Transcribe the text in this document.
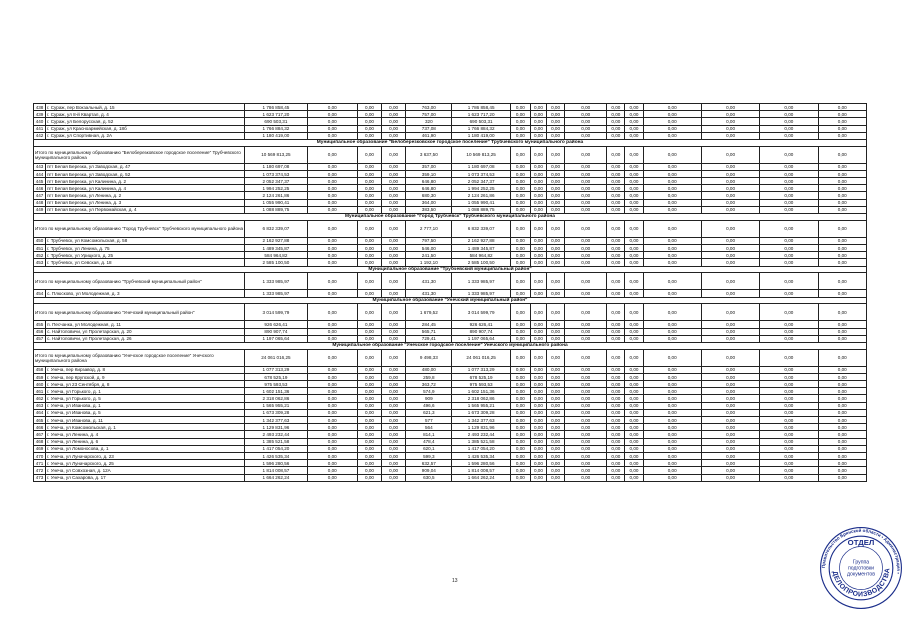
438	г. Сураж, пер Вокзальный, д. 15	1 786 858,45	0,00	0,00	0,00	763,00	1 786 858,45	0,00	0,00	0,00	0,00	0,00	0,00	0,00	0,00	0,00	0,00
439	г. Сураж, ул 8-й Квартал, д. 4	1 623 717,20	0,00	0,00	0,00	757,00	1 623 717,20	0,00	0,00	0,00	0,00	0,00	0,00	0,00	0,00	0,00	0,00
440	г. Сураж, ул Белорусская, д. 52	690 503,31	0,00	0,00	0,00	320	690 503,31	0,00	0,00	0,00	0,00	0,00	0,00	0,00	0,00	0,00	0,00
441	г. Сураж, ул Красноармейская, д. 18б	1 766 884,32	0,00	0,00	0,00	737,08	1 766 884,32	0,00	0,00	0,00	0,00	0,00	0,00	0,00	0,00	0,00	0,00
442	г. Сураж, ул Спортивная, д. 2А	1 180 419,00	0,00	0,00	0,00	461,90	1 180 419,00	0,00	0,00	0,00	0,00	0,00	0,00	0,00	0,00	0,00	0,00
Муниципальное образование "Белоберезковское городское поселение" Трубчевского муниципального района																	
Итого по муниципальному образованию "Белоберезковское городское поселение" Трубчевского муниципального района		10 569 813,25	0,00	0,00	0,00	3 637,50	10 569 813,25	0,00	0,00	0,00	0,00	0,00	0,00	0,00	0,00	0,00	0,00
443	пгт Белая Березка, ул Заводская, д. 47	1 180 697,08	0,00	0,00	0,00	357,00	1 180 697,08	0,00	0,00	0,00	0,00	0,00	0,00	0,00	0,00	0,00	0,00
444	пгт Белая Березка, ул Заводская, д. 52	1 073 374,53	0,00	0,00	0,00	359,10	1 073 374,53	0,00	0,00	0,00	0,00	0,00	0,00	0,00	0,00	0,00	0,00
445	пгт Белая Березка, ул Калинина, д. 2	2 052 347,37	0,00	0,00	0,00	646,80	2 052 347,37	0,00	0,00	0,00	0,00	0,00	0,00	0,00	0,00	0,00	0,00
446	пгт Белая Березка, ул Калинина, д. 4	1 994 252,25	0,00	0,00	0,00	646,80	1 994 252,25	0,00	0,00	0,00	0,00	0,00	0,00	0,00	0,00	0,00	0,00
447	пгт Белая Березка, ул Ленина, д. 2	2 124 261,86	0,00	0,00	0,00	680,30	2 124 261,86	0,00	0,00	0,00	0,00	0,00	0,00	0,00	0,00	0,00	0,00
448	пгт Белая Березка, ул Ленина, д. 3	1 055 990,41	0,00	0,00	0,00	364,00	1 055 990,41	0,00	0,00	0,00	0,00	0,00	0,00	0,00	0,00	0,00	0,00
449	пгт Белая Березка, ул Первомайская, д. 4	1 088 889,75	0,00	0,00	0,00	383,50	1 088 889,75	0,00	0,00	0,00	0,00	0,00	0,00	0,00	0,00	0,00	0,00
Муниципальное образование "Город Трубчевск" Трубчевского муниципального района																	
Итого по муниципальному образованию "Город Трубчевск" Трубчевского муниципального района		6 832 339,07	0,00	0,00	0,00	2 777,10	6 832 339,07	0,00	0,00	0,00	0,00	0,00	0,00	0,00	0,00	0,00	0,00
450	г. Трубчевск, ул Комсомольская, д. 58	2 162 927,88	0,00	0,00	0,00	797,50	2 162 927,88	0,00	0,00	0,00	0,00	0,00	0,00	0,00	0,00	0,00	0,00
451	г. Трубчевск, ул Ленина, д. 75	1 489 345,87	0,00	0,00	0,00	546,00	1 489 345,87	0,00	0,00	0,00	0,00	0,00	0,00	0,00	0,00	0,00	0,00
452	г. Трубчевск, ул Урицкого, д. 25	584 964,82	0,00	0,00	0,00	241,50	584 964,82	0,00	0,00	0,00	0,00	0,00	0,00	0,00	0,00	0,00	0,00
453	г. Трубчевск, ул Севская, д. 18	2 585 100,50	0,00	0,00	0,00	1 192,10	2 585 100,50	0,00	0,00	0,00	0,00	0,00	0,00	0,00	0,00	0,00	0,00
Муниципальное образование "Трубчевский муниципальный район"																	
Итого по муниципальному образованию "Трубчевский муниципальный район"		1 333 985,97	0,00	0,00	0,00	431,30	1 333 985,97	0,00	0,00	0,00	0,00	0,00	0,00	0,00	0,00	0,00	0,00
454	с. Плюсково, ул Молодежная, д. 3	1 333 985,97	0,00	0,00	0,00	431,30	1 333 985,97	0,00	0,00	0,00	0,00	0,00	0,00	0,00	0,00	0,00	0,00
Муниципальное образование "Унечский муниципальный район"																	
Итого по муниципальному образованию "Унечский муниципальный район"		3 014 599,79	0,00	0,00	0,00	1 679,52	3 014 599,79	0,00	0,00	0,00	0,00	0,00	0,00	0,00	0,00	0,00	0,00
455	п. Песчанка, ул Молодежная, д. 11	926 626,41	0,00	0,00	0,00	284,45	926 626,41	0,00	0,00	0,00	0,00	0,00	0,00	0,00	0,00	0,00	0,00
456	с. Найтоповичи, ул Пролетарская, д. 20	890 907,74	0,00	0,00	0,00	565,71	890 907,74	0,00	0,00	0,00	0,00	0,00	0,00	0,00	0,00	0,00	0,00
457	с. Найтоповичи, ул Пролетарская, д. 26	1 197 065,64	0,00	0,00	0,00	729,41	1 197 065,64	0,00	0,00	0,00	0,00	0,00	0,00	0,00	0,00	0,00	0,00
Муниципальное образование "Унечское городское поселение" Унечского муниципального района																	
Итого по муниципальному образованию "Унечское городское поселение" Унечского муниципального района		24 061 016,25	0,00	0,00	0,00	9 498,33	24 061 016,25	0,00	0,00	0,00	0,00	0,00	0,00	0,00	0,00	0,00	0,00
458	г. Унеча, пер Кирзавод, д. 8	1 077 313,29	0,00	0,00	0,00	480,00	1 077 313,29	0,00	0,00	0,00	0,00	0,00	0,00	0,00	0,00	0,00	0,00
459	г. Унеча, пер Крупской, д. 9	678 525,19	0,00	0,00	0,00	259,8	678 525,19	0,00	0,00	0,00	0,00	0,00	0,00	0,00	0,00	0,00	0,00
460	г. Унеча, ул 23 Сентября, д. 8	975 593,53	0,00	0,00	0,00	363,72	975 593,53	0,00	0,00	0,00	0,00	0,00	0,00	0,00	0,00	0,00	0,00
461	г. Унеча, ул Горького, д. 1	1 602 151,36	0,00	0,00	0,00	574,9	1 602 151,36	0,00	0,00	0,00	0,00	0,00	0,00	0,00	0,00	0,00	0,00
462	г. Унеча, ул Горького, д. 5	2 318 062,86	0,00	0,00	0,00	909	2 318 062,86	0,00	0,00	0,00	0,00	0,00	0,00	0,00	0,00	0,00	0,00
463	г. Унеча, ул Иванова, д. 1	1 565 955,21	0,00	0,00	0,00	496,6	1 565 955,21	0,00	0,00	0,00	0,00	0,00	0,00	0,00	0,00	0,00	0,00
464	г. Унеча, ул Иванова, д. 5	1 673 309,28	0,00	0,00	0,00	621,3	1 673 309,28	0,00	0,00	0,00	0,00	0,00	0,00	0,00	0,00	0,00	0,00
465	г. Унеча, ул Иванова, д. 11	1 342 377,63	0,00	0,00	0,00	577	1 342 377,63	0,00	0,00	0,00	0,00	0,00	0,00	0,00	0,00	0,00	0,00
466	г. Унеча, ул Комсомольская, д. 1	1 129 831,96	0,00	0,00	0,00	564	1 129 831,96	0,00	0,00	0,00	0,00	0,00	0,00	0,00	0,00	0,00	0,00
467	г. Унеча, ул Ленина, д. 4	2 493 232,44	0,00	0,00	0,00	814,1	2 493 232,44	0,00	0,00	0,00	0,00	0,00	0,00	0,00	0,00	0,00	0,00
468	г. Унеча, ул Ленина, д. 6	1 385 521,58	0,00	0,00	0,00	478,4	1 385 521,58	0,00	0,00	0,00	0,00	0,00	0,00	0,00	0,00	0,00	0,00
469	г. Унеча, ул Ломоносова, д. 1	1 417 054,20	0,00	0,00	0,00	620,1	1 417 054,20	0,00	0,00	0,00	0,00	0,00	0,00	0,00	0,00	0,00	0,00
470	г. Унеча, ул Луначарского, д. 23	1 426 535,34	0,00	0,00	0,00	599,3	1 426 535,34	0,00	0,00	0,00	0,00	0,00	0,00	0,00	0,00	0,00	0,00
471	г. Унеча, ул Луначарского, д. 25	1 596 280,56	0,00	0,00	0,00	632,57	1 596 280,56	0,00	0,00	0,00	0,00	0,00	0,00	0,00	0,00	0,00	0,00
472	г. Унеча, ул Совхозная, д. 12А	1 814 008,57	0,00	0,00	0,00	909,04	1 814 008,57	0,00	0,00	0,00	0,00	0,00	0,00	0,00	0,00	0,00	0,00
473	г. Унеча, ул Сахарова, д. 17	1 664 262,24	0,00	0,00	0,00	630,5	1 664 262,24	0,00	0,00	0,00	0,00	0,00	0,00	0,00	0,00	0,00	0,00
13
Правительство Брянской области • Администрация •
ДЕЛОПРОИЗВОДСТВА
ОТДЕЛ
Группа
подготовки
документов
